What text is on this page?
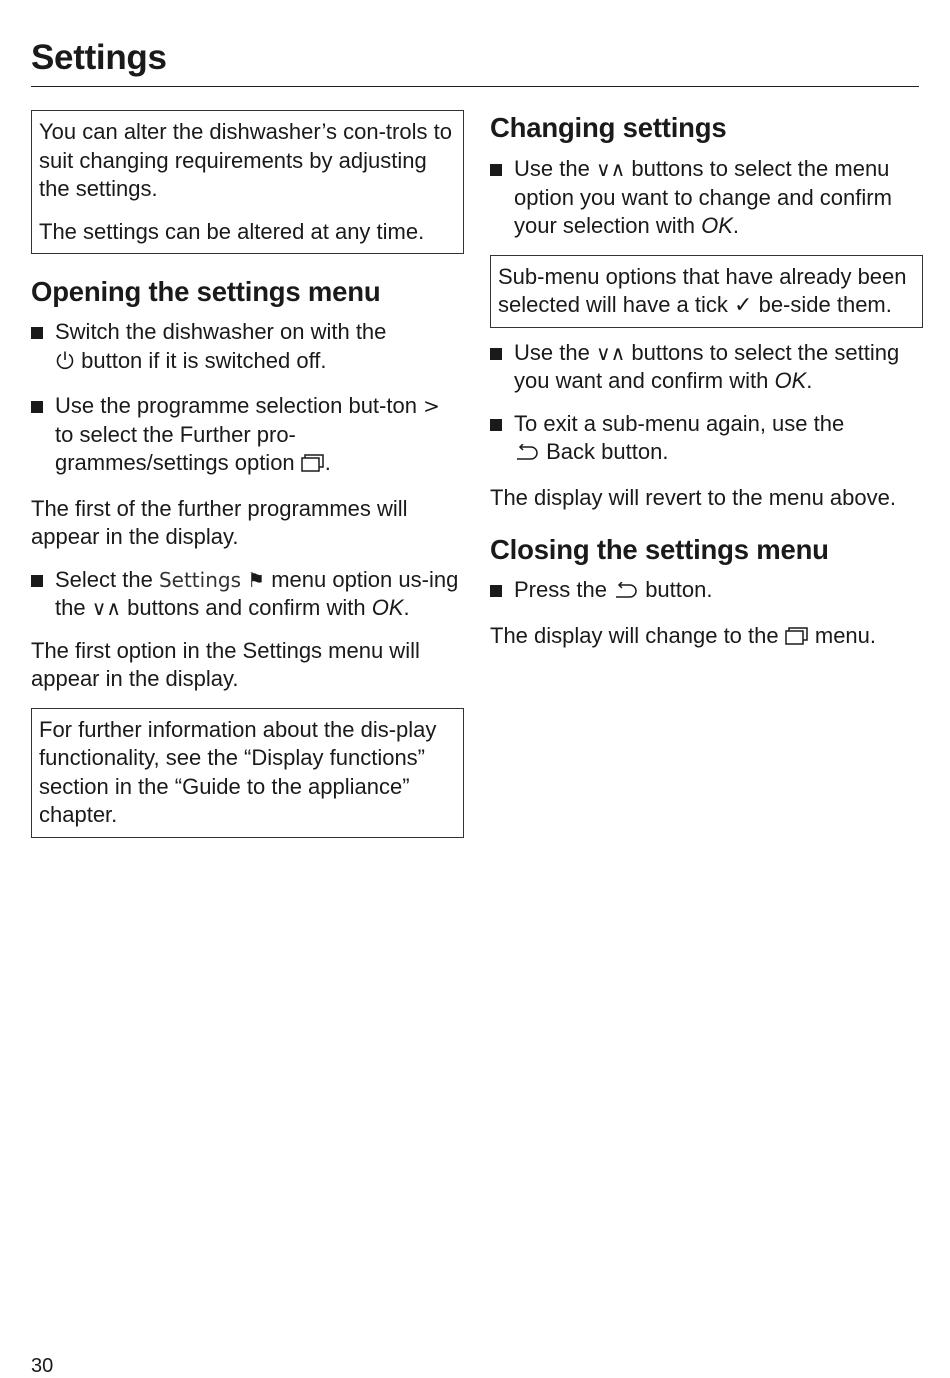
Settings

You can alter the dishwasher’s con-trols to suit changing requirements by adjusting the settings.

The settings can be altered at any time.

Opening the settings menu
Switch the dishwasher on with the
button if it is switched off.
Use the programme selection but-ton > to select the Further pro-grammes/settings option .

The first of the further programmes will appear in the display.

Select the Settings ⚑ menu option us-ing the ∨∧ buttons and confirm with OK.

The first option in the Settings menu will appear in the display.

For further information about the dis-play functionality, see the “Display functions” section in the “Guide to the appliance” chapter.

Changing settings
Use the ∨∧ buttons to select the menu option you want to change and confirm your selection with OK.

Sub-menu options that have already been selected will have a tick ✓ be-side them.

Use the ∨∧ buttons to select the setting you want and confirm with OK.
To exit a sub-menu again, use the
Back button.

The display will revert to the menu above.

Closing the settings menu
Press the button.

The display will change to the menu.

30
